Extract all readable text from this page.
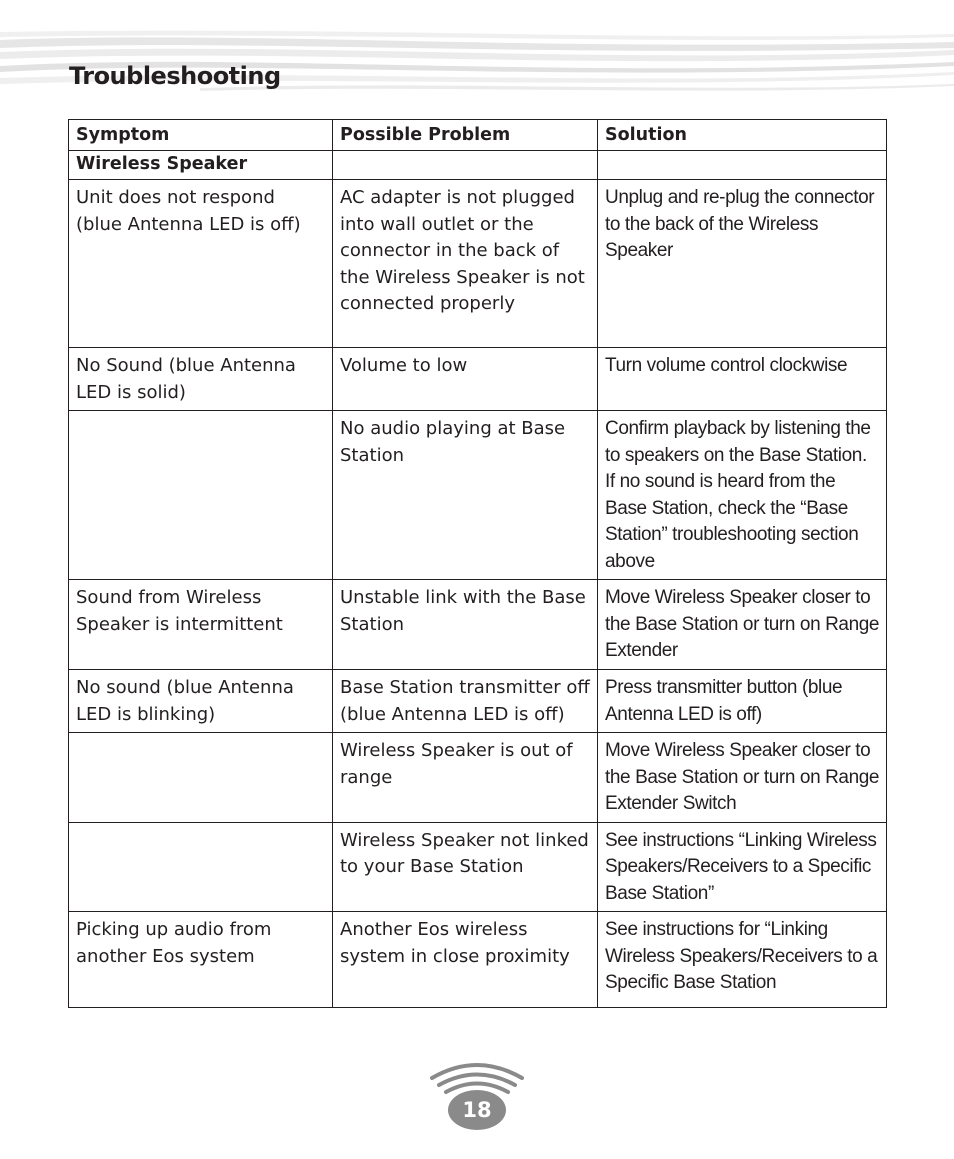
Troubleshooting
Symptom	Possible Problem	Solution
Wireless Speaker		
Unit does not respond (blue Antenna LED is off)	AC adapter is not plugged into wall outlet or the connector in the back of the Wireless Speaker is not connected properly	Unplug and re-plug the connector to the back of the Wireless Speaker
No Sound (blue Antenna LED is solid)	Volume to low	Turn volume control clockwise
	No audio playing at Base Station	Confirm playback by listening the to speakers on the Base Station. If no sound is heard from the Base Station, check the “Base Station” troubleshooting section above
Sound from Wireless Speaker is intermittent	Unstable link with the Base Station	Move Wireless Speaker closer to the Base Station or turn on Range Extender
No sound (blue Antenna LED is blinking)	Base Station transmitter off (blue Antenna LED is off)	Press transmitter button (blue Antenna LED is off)
	Wireless Speaker is out of range	Move Wireless Speaker closer to the Base Station or turn on Range Extender Switch
	Wireless Speaker not linked to your Base Station	See instructions “Linking Wireless Speakers/Receivers to a Specific Base Station”
Picking up audio from another Eos system	Another Eos wireless system in close proximity	See instructions for “Linking Wireless Speakers/Receivers to a Specific Base Station
18
